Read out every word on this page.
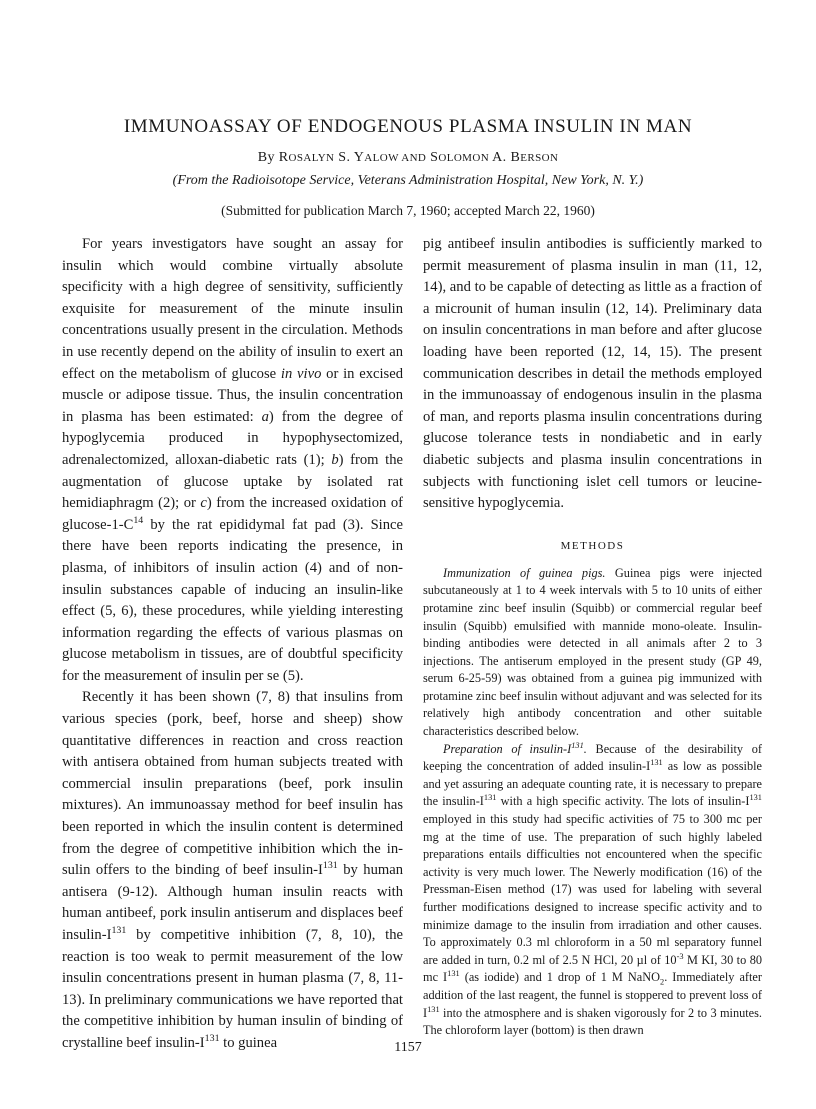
IMMUNOASSAY OF ENDOGENOUS PLASMA INSULIN IN MAN
By ROSALYN S. YALOW AND SOLOMON A. BERSON
(From the Radioisotope Service, Veterans Administration Hospital, New York, N. Y.)
(Submitted for publication March 7, 1960; accepted March 22, 1960)

For years investigators have sought an assay for insulin which would combine virtually absolute specificity with a high degree of sensitivity, sufficiently exquisite for measurement of the minute insulin concentrations usually present in the circulation. Methods in use recently depend on the ability of insulin to exert an effect on the metabolism of glucose in vivo or in excised muscle or adipose tissue. Thus, the insulin concentration in plasma has been estimated: a) from the degree of hypoglycemia produced in hypophysectomized, adrenalectomized, alloxan-diabetic rats (1); b) from the augmentation of glucose uptake by isolated rat hemidiaphragm (2); or c) from the increased oxidation of glucose-$1-C^{14}$ by the rat epididymal fat pad (3). Since there have been reports indicating the presence, in plasma, of inhibitors of insulin action (4) and of noninsulin substances capable of inducing an insulin-like effect (5, 6), these procedures, while yielding interesting information regarding the effects of various plasmas on glucose metabolism in tissues, are of doubtful specificity for the measurement of insulin per se (5).

Recently it has been shown (7, 8) that insulins from various species (pork, beef, horse and sheep) show quantitative differences in reaction and cross reaction with antisera obtained from human subjects treated with commercial insulin preparations (beef, pork insulin mixtures). An immunoassay method for beef insulin has been reported in which the insulin content is determined from the degree of competitive inhibition which the insulin offers to the binding of beef insulin-$I^{131}$ by human antisera (9-12). Although human insulin reacts with human antibeef, pork insulin antiserum and displaces beef insulin-$I^{131}$ by competitive inhibition (7, 8, 10), the reaction is too weak to permit measurement of the low insulin concentrations present in human plasma (7, 8, 11-13). In preliminary communications we have reported that the competitive inhibition by human insulin of binding of crystalline beef insulin-$I^{131}$ to guinea

pig antibeef insulin antibodies is sufficiently marked to permit measurement of plasma insulin in man (11, 12, 14), and to be capable of detecting as little as a fraction of a microunit of human insulin (12, 14). Preliminary data on insulin concentrations in man before and after glucose loading have been reported (12, 14, 15). The present communication describes in detail the methods employed in the immunoassay of endogenous insulin in the plasma of man, and reports plasma insulin concentrations during glucose tolerance tests in nondiabetic and in early diabetic subjects and plasma insulin concentrations in subjects with functioning islet cell tumors or leucine-sensitive hypoglycemia.
METHODS

Immunization of guinea pigs. Guinea pigs were injected subcutaneously at 1 to 4 week intervals with 5 to 10 units of either protamine zinc beef insulin (Squibb) or commercial regular beef insulin (Squibb) emulsified with mannide mono-oleate. Insulin-binding antibodies were detected in all animals after 2 to 3 injections. The antiserum employed in the present study (GP 49, serum 6-25-59) was obtained from a guinea pig immunized with protamine zinc beef insulin without adjuvant and was selected for its relatively high antibody concentration and other suitable characteristics described below.

Preparation of insulin-$I^{131}$. Because of the desirability of keeping the concentration of added insulin-$I^{131}$ as low as possible and yet assuring an adequate counting rate, it is necessary to prepare the insulin-$I^{131}$ with a high specific activity. The lots of insulin-$I^{131}$ employed in this study had specific activities of 75 to 300 mc per mg at the time of use. The preparation of such highly labeled preparations entails difficulties not encountered when the specific activity is very much lower. The Newerly modification (16) of the Pressman-Eisen method (17) was used for labeling with several further modifications designed to increase specific activity and to minimize damage to the insulin from irradiation and other causes. To approximately 0.3 ml chloroform in a 50 ml separatory funnel are added in turn, 0.2 ml of 2.5 N HCl, 20 µl of $10^{-3}$ M KI, 30 to 80 mc $I^{131}$ (as iodide) and 1 drop of 1 M NaNO$_2$. Immediately after addition of the last reagent, the funnel is stoppered to prevent loss of $I^{131}$ into the atmosphere and is shaken vigorously for 2 to 3 minutes. The chloroform layer (bottom) is then drawn

1157
